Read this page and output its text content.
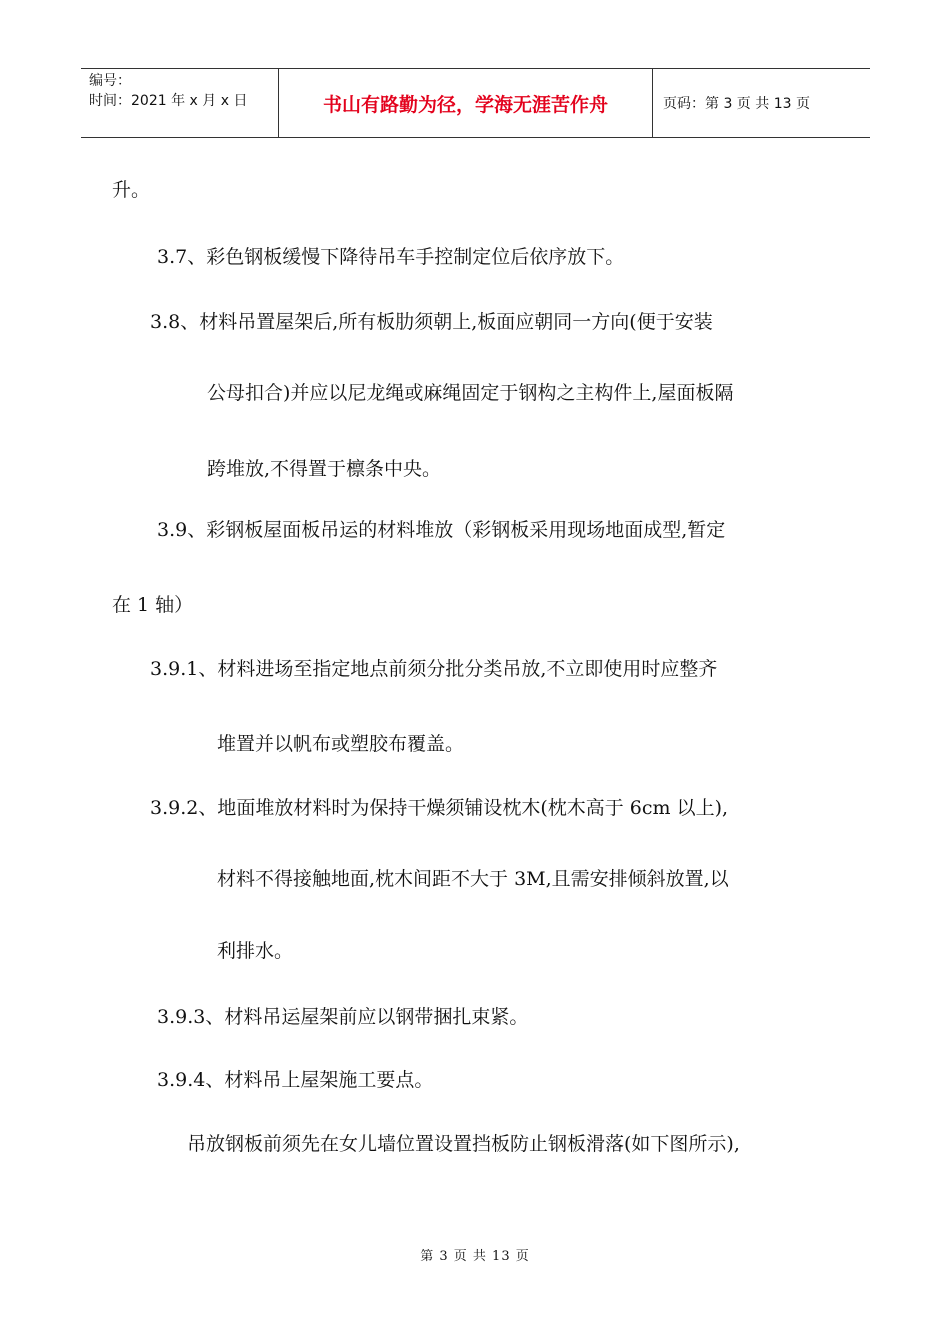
编号：
时间：2021 年 x 月 x 日	书山有路勤为径，学海无涯苦作舟	页码：第 3 页 共 13 页
升。
3.7、彩色钢板缓慢下降待吊车手控制定位后依序放下。
3.8、材料吊置屋架后,所有板肋须朝上,板面应朝同一方向(便于安装
公母扣合)并应以尼龙绳或麻绳固定于钢构之主构件上,屋面板隔
跨堆放,不得置于檩条中央。
3.9、彩钢板屋面板吊运的材料堆放（彩钢板采用现场地面成型,暂定
在 1 轴）
3.9.1、材料进场至指定地点前须分批分类吊放,不立即使用时应整齐
堆置并以帆布或塑胶布覆盖。
3.9.2、地面堆放材料时为保持干燥须铺设枕木(枕木高于 6cm 以上),
材料不得接触地面,枕木间距不大于 3M,且需安排倾斜放置,以
利排水。
3.9.3、材料吊运屋架前应以钢带捆扎束紧。
3.9.4、材料吊上屋架施工要点。
吊放钢板前须先在女儿墙位置设置挡板防止钢板滑落(如下图所示),
第 3 页 共 13 页
